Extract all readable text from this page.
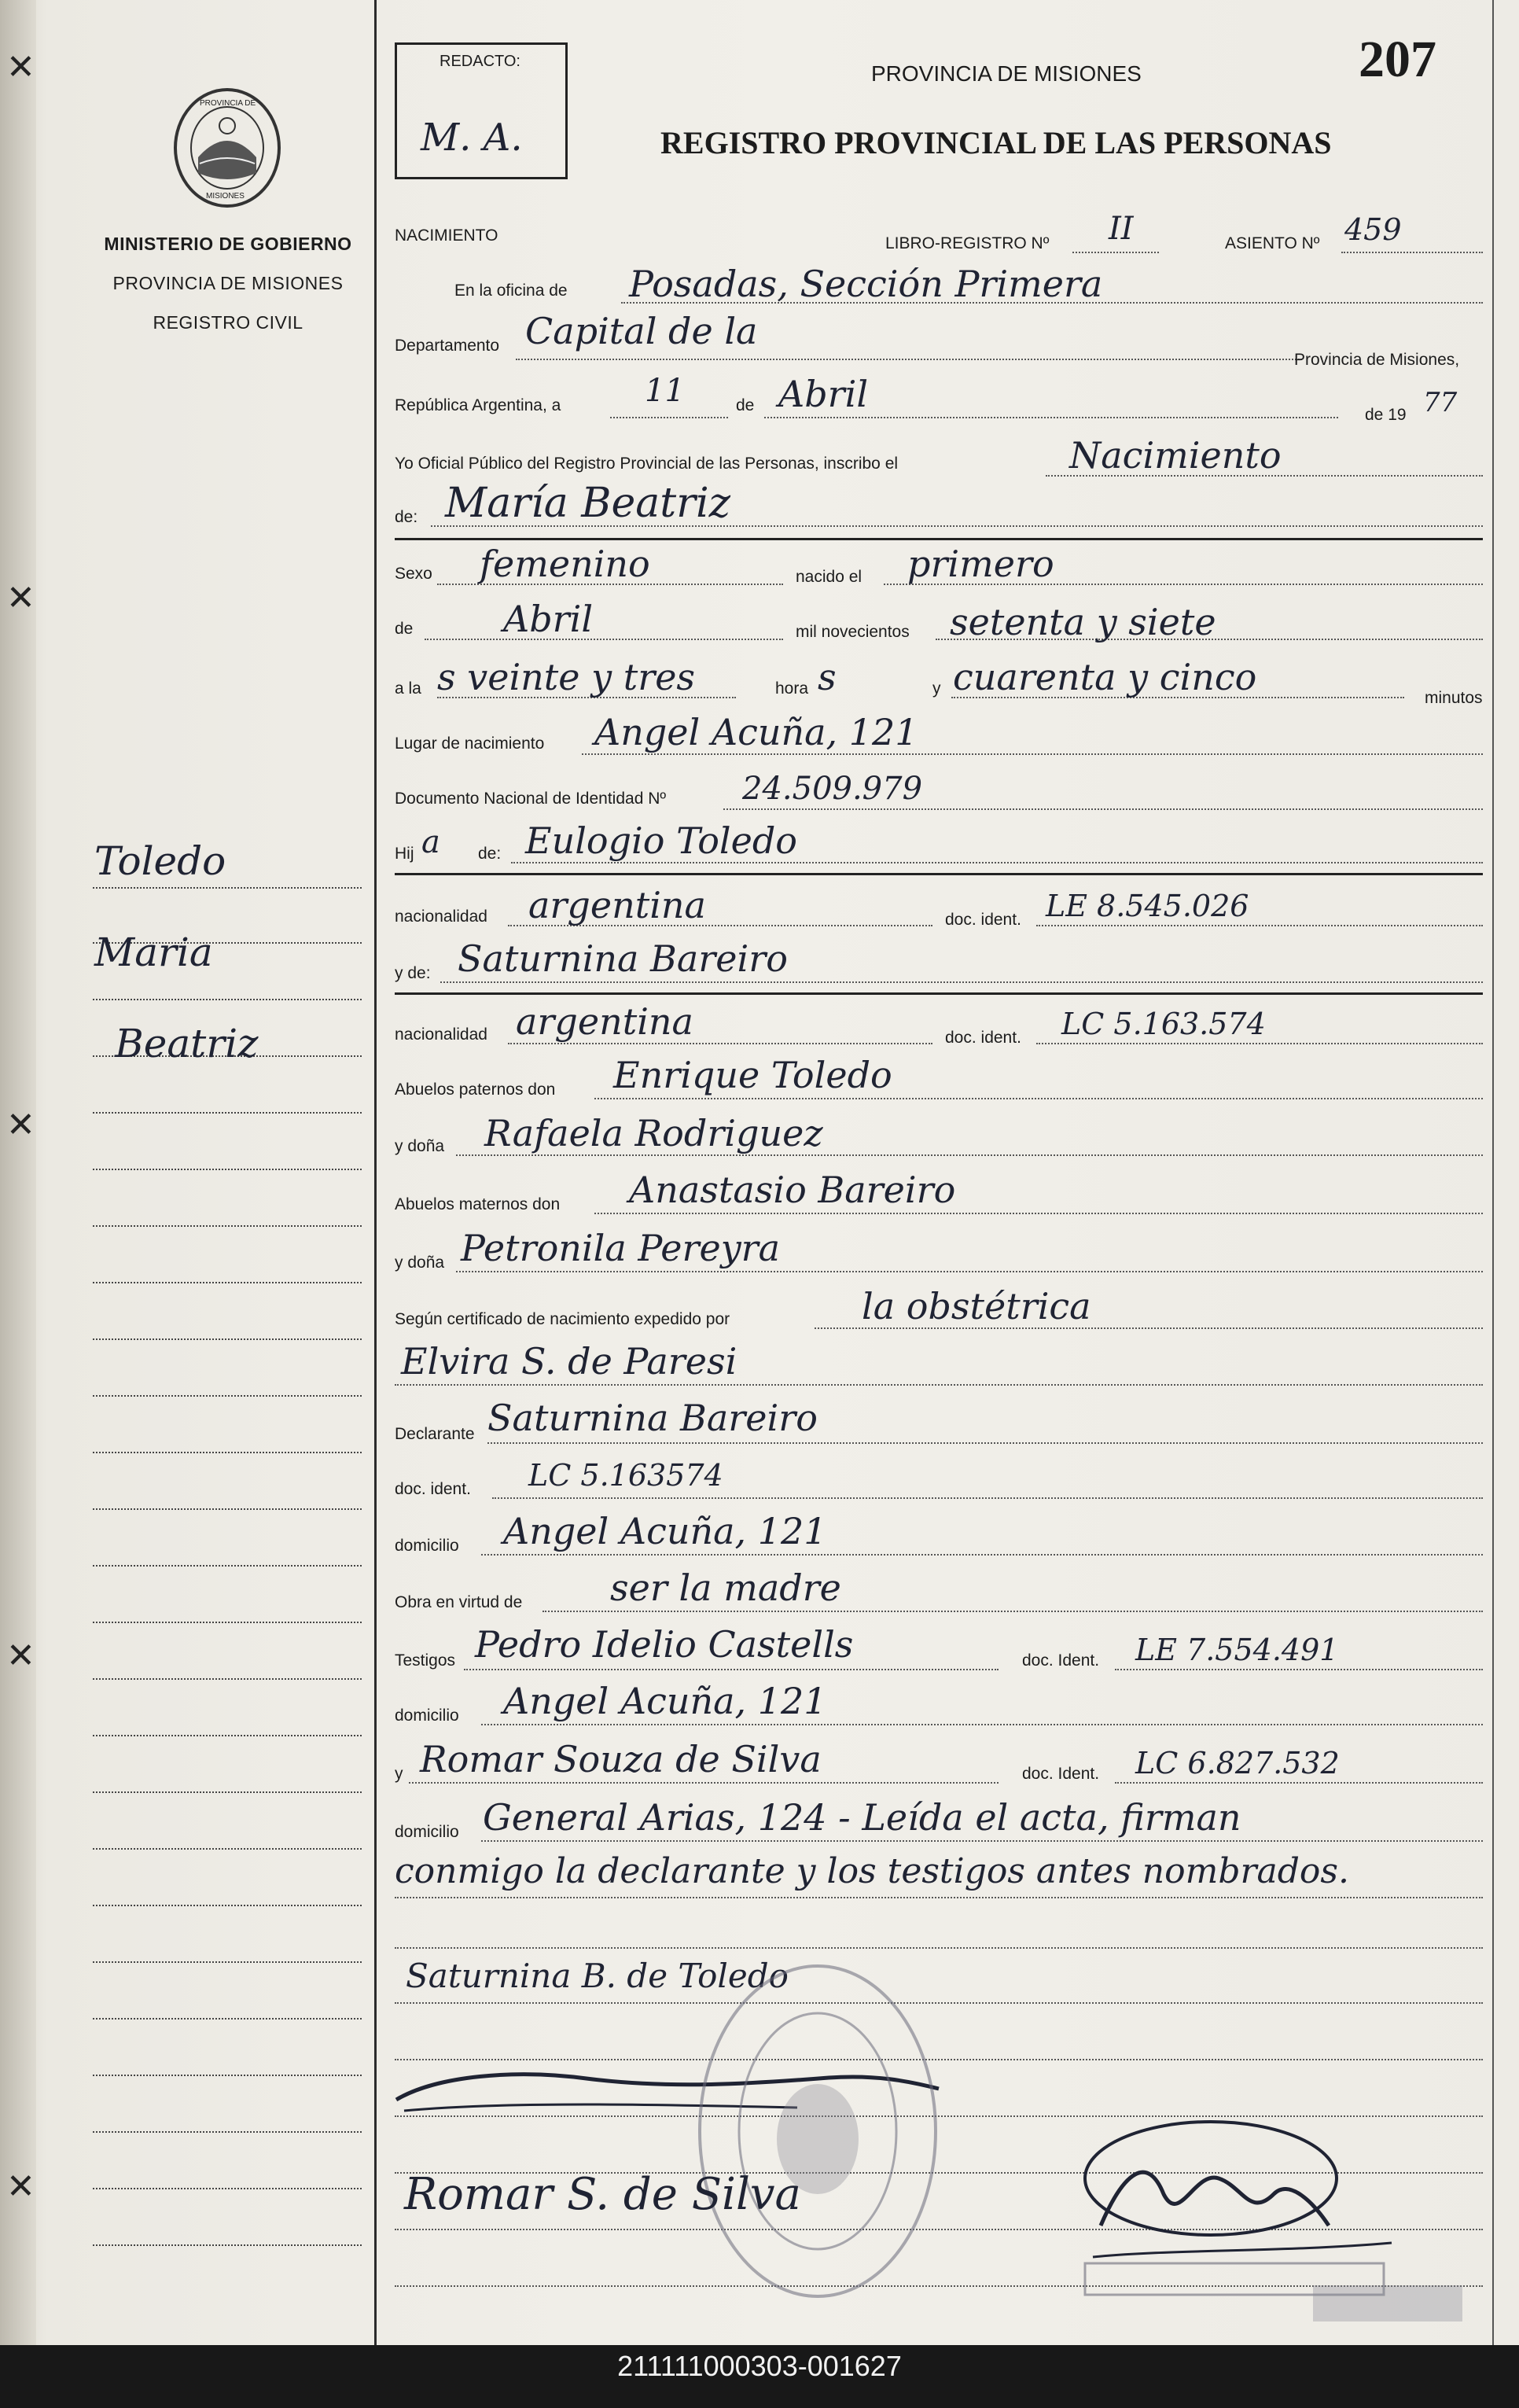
✕
✕
✕
✕
✕
PROVINCIA DE
MISIONES
MINISTERIO DE GOBIERNO
PROVINCIA DE MISIONES
REGISTRO CIVIL
REDACTO:
M. A.
PROVINCIA DE MISIONES
REGISTRO PROVINCIAL DE LAS PERSONAS
207
NACIMIENTO	LIBRO-REGISTRO Nº II	ASIENTO Nº 459
En la oficina de Posadas, Sección Primera
Departamento Capital de la
Provincia de Misiones,
República Argentina, a	11	de Abril	de 19 77
Yo Oficial Público del Registro Provincial de las Personas, inscribo el	Nacimiento
de: María Beatriz
Sexo femenino	nacido el primero
de Abril	mil novecientos setenta y siete
a la s veinte y tres	hora s	y cuarenta y cinco	minutos
Lugar de nacimiento Angel Acuña, 121
Documento Nacional de Identidad Nº 24.509.979
Hij a de: Eulogio Toledo
nacionalidad argentina	doc. ident. LE 8.545.026
y de: Saturnina Bareiro
nacionalidad argentina	doc. ident. LC 5.163.574
Abuelos paternos don Enrique Toledo
y doña Rafaela Rodriguez
Abuelos maternos don Anastasio Bareiro
y doña Petronila Pereyra
Según certificado de nacimiento expedido por	la obstétrica
Elvira S. de Paresi
Declarante Saturnina Bareiro
doc. ident. LC 5.163574
domicilio Angel Acuña, 121
Obra en virtud de ser la madre
Testigos Pedro Idelio Castells	doc. Ident. LE 7.554.491
domicilio Angel Acuña, 121
y Romar Souza de Silva	doc. Ident. LC 6.827.532
domicilio General Arias, 124 - Leída el acta, firman
conmigo la declarante y los testigos antes nombrados.
Saturnina B. de Toledo
Romar S. de Silva
Toledo
Maria
Beatriz
211111000303-001627
